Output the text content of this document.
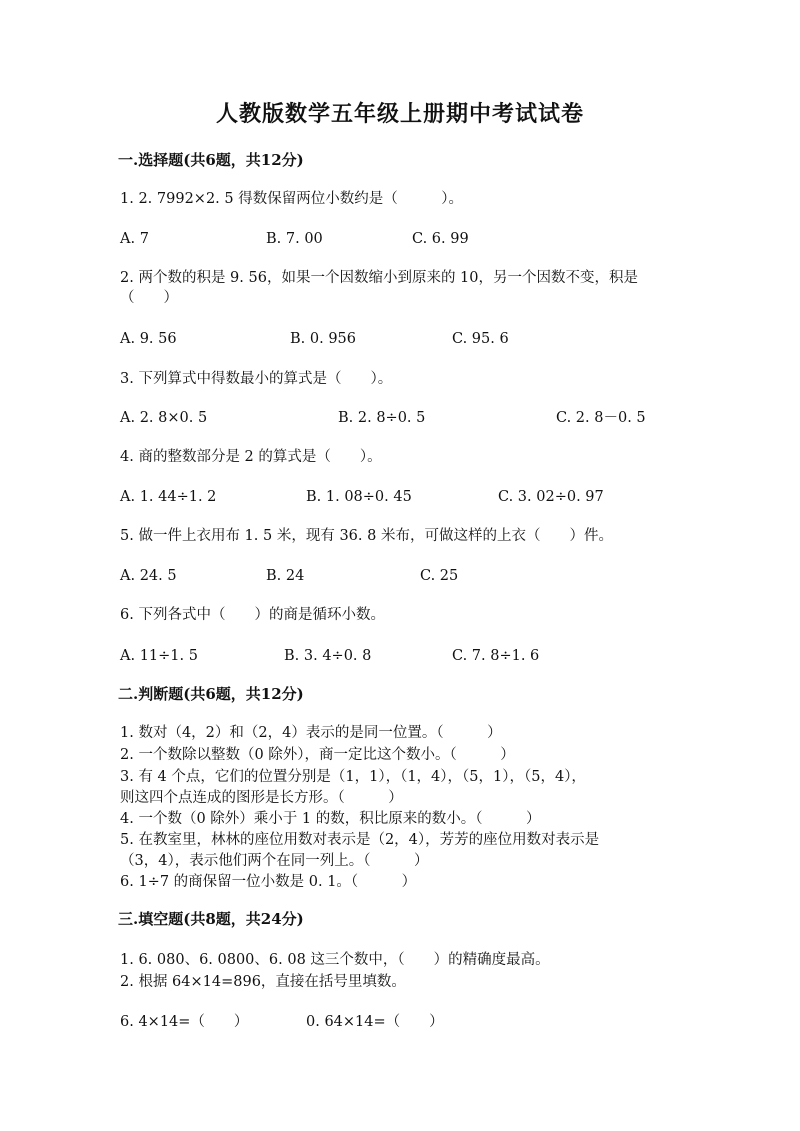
人教版数学五年级上册期中考试试卷
一.选择题(共6题，共12分)
1. 2. 7992×2. 5 得数保留两位小数约是（　　　）。
A. 7	B. 7. 00	C. 6. 99
2. 两个数的积是 9. 56，如果一个因数缩小到原来的 10，另一个因数不变，积是
（　　）
A. 9. 56	B. 0. 956	C. 95. 6
3. 下列算式中得数最小的算式是（　　）。
A. 2. 8×0. 5	B. 2. 8÷0. 5	C. 2. 8－0. 5
4. 商的整数部分是 2 的算式是（　　）。
A. 1. 44÷1. 2	B. 1. 08÷0. 45	C. 3. 02÷0. 97
5. 做一件上衣用布 1. 5 米，现有 36. 8 米布，可做这样的上衣（　　）件。
A. 24. 5	B. 24	C. 25
6. 下列各式中（　　）的商是循环小数。
A. 11÷1. 5	B. 3. 4÷0. 8	C. 7. 8÷1. 6
二.判断题(共6题，共12分)
1. 数对（4，2）和（2，4）表示的是同一位置。（　　　）
2. 一个数除以整数（0 除外），商一定比这个数小。（　　　）
3. 有 4 个点，它们的位置分别是（1，1），（1，4），（5，1），（5，4），
则这四个点连成的图形是长方形。（　　　）
4. 一个数（0 除外）乘小于 1 的数，积比原来的数小。（　　　）
5. 在教室里，林林的座位用数对表示是（2，4），芳芳的座位用数对表示是
（3，4），表示他们两个在同一列上。（　　　）
6. 1÷7 的商保留一位小数是 0. 1。（　　　）
三.填空题(共8题，共24分)
1. 6. 080、6. 0800、6. 08 这三个数中，（　　）的精确度最高。
2. 根据 64×14=896，直接在括号里填数。
6. 4×14=（　　）	0. 64×14=（　　）
